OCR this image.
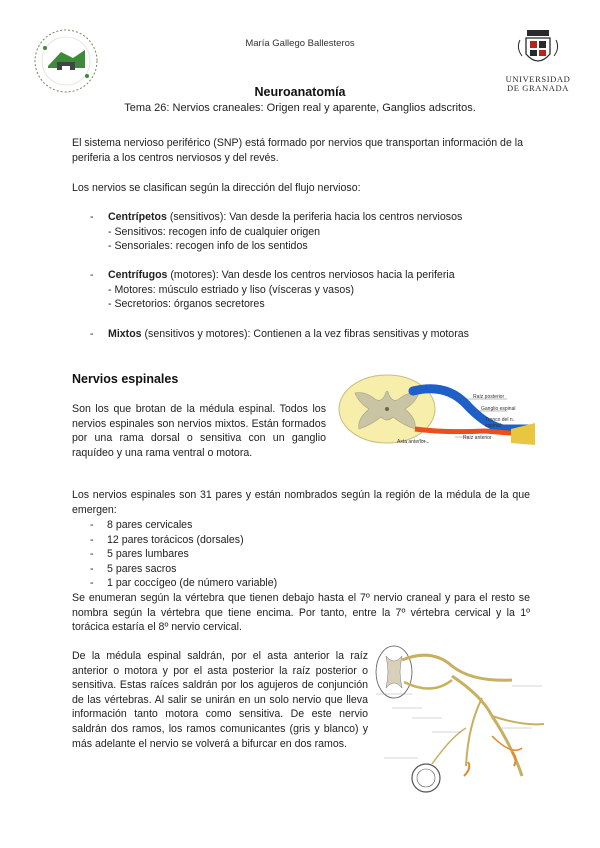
María Gallego Ballesteros
UNIVERSIDAD
DE GRANADA
Neuroanatomía
Tema 26: Nervios craneales: Origen real y aparente, Ganglios adscritos.
El sistema nervioso periférico (SNP) está formado por nervios que transportan información de la periferia a los centros nerviosos y del revés.
Los nervios se clasifican según la dirección del flujo nervioso:
- Centrípetos (sensitivos): Van desde la periferia hacia los centros nerviosos
- Sensitivos: recogen info de cualquier origen
- Sensoriales: recogen info de los sentidos
- Centrífugos (motores): Van desde los centros nerviosos hacia la periferia
- Motores: músculo estriado y liso (vísceras y vasos)
- Secretorios: órganos secretores
- Mixtos (sensitivos y motores): Contienen a la vez fibras sensitivas y motoras
Nervios espinales
Son los que brotan de la médula espinal. Todos los nervios espinales son nervios mixtos. Están formados por una rama dorsal o sensitiva con un ganglio raquídeo y una rama ventral o motora.
Raíz posterior
Ganglio espinal
Tronco del n. espinal
Raíz anterior
Asta anterior
Los nervios espinales son 31 pares y están nombrados según la región de la médula de la que emergen:
- 8 pares cervicales
- 12 pares torácicos (dorsales)
- 5 pares lumbares
- 5 pares sacros
- 1 par coccígeo (de número variable)
Se enumeran según la vértebra que tienen debajo hasta el 7º nervio craneal y para el resto se nombra según la vértebra que tiene encima. Por tanto, entre la 7º vértebra cervical y la 1º torácica estaría el 8º nervio cervical.
De la médula espinal saldrán, por el asta anterior la raíz anterior o motora y por el asta posterior la raíz posterior o sensitiva. Estas raíces saldrán por los agujeros de conjunción de las vértebras. Al salir se unirán en un solo nervio que lleva información tanto motora como sensitiva. De este nervio saldrán dos ramos, los ramos comunicantes (gris y blanco) y más adelante el nervio se volverá a bifurcar en dos ramos.
